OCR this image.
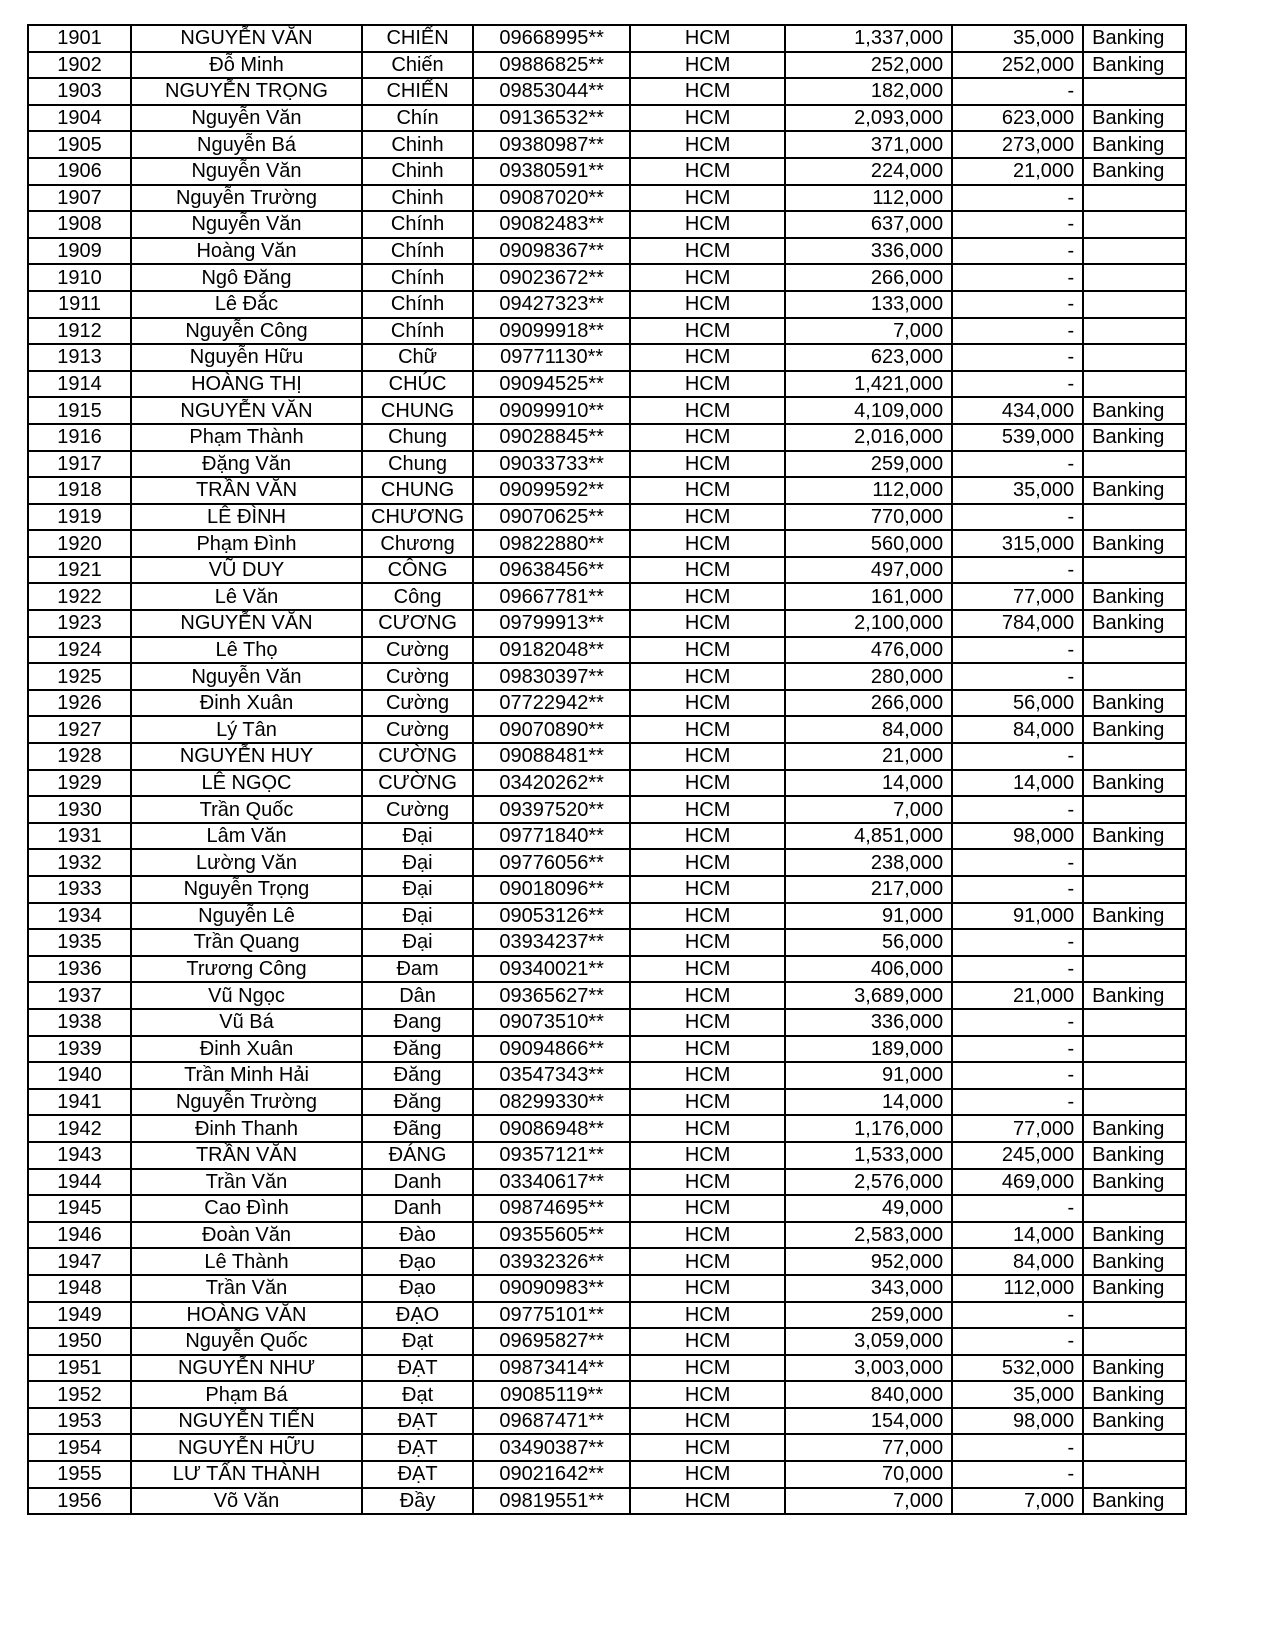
1901	NGUYỄN VĂN	CHIẾN	09668995**	HCM	1,337,000	35,000	Banking
1902	Đỗ Minh	Chiến	09886825**	HCM	252,000	252,000	Banking
1903	NGUYỄN TRỌNG	CHIẾN	09853044**	HCM	182,000	-	
1904	Nguyễn Văn	Chín	09136532**	HCM	2,093,000	623,000	Banking
1905	Nguyễn Bá	Chinh	09380987**	HCM	371,000	273,000	Banking
1906	Nguyễn Văn	Chinh	09380591**	HCM	224,000	21,000	Banking
1907	Nguyễn Trường	Chinh	09087020**	HCM	112,000	-	
1908	Nguyễn Văn	Chính	09082483**	HCM	637,000	-	
1909	Hoàng Văn	Chính	09098367**	HCM	336,000	-	
1910	Ngô Đăng	Chính	09023672**	HCM	266,000	-	
1911	Lê Đắc	Chính	09427323**	HCM	133,000	-	
1912	Nguyễn Công	Chính	09099918**	HCM	7,000	-	
1913	Nguyễn Hữu	Chữ	09771130**	HCM	623,000	-	
1914	HOÀNG THỊ	CHÚC	09094525**	HCM	1,421,000	-	
1915	NGUYỄN VĂN	CHUNG	09099910**	HCM	4,109,000	434,000	Banking
1916	Phạm Thành	Chung	09028845**	HCM	2,016,000	539,000	Banking
1917	Đặng Văn	Chung	09033733**	HCM	259,000	-	
1918	TRẦN VĂN	CHUNG	09099592**	HCM	112,000	35,000	Banking
1919	LÊ ĐÌNH	CHƯƠNG	09070625**	HCM	770,000	-	
1920	Phạm Đình	Chương	09822880**	HCM	560,000	315,000	Banking
1921	VŨ DUY	CÔNG	09638456**	HCM	497,000	-	
1922	Lê Văn	Công	09667781**	HCM	161,000	77,000	Banking
1923	NGUYỄN VĂN	CƯƠNG	09799913**	HCM	2,100,000	784,000	Banking
1924	Lê Thọ	Cường	09182048**	HCM	476,000	-	
1925	Nguyễn Văn	Cường	09830397**	HCM	280,000	-	
1926	Đinh Xuân	Cường	07722942**	HCM	266,000	56,000	Banking
1927	Lý Tân	Cường	09070890**	HCM	84,000	84,000	Banking
1928	NGUYỄN HUY	CƯỜNG	09088481**	HCM	21,000	-	
1929	LÊ NGỌC	CƯỜNG	03420262**	HCM	14,000	14,000	Banking
1930	Trần Quốc	Cường	09397520**	HCM	7,000	-	
1931	Lâm Văn	Đại	09771840**	HCM	4,851,000	98,000	Banking
1932	Lường Văn	Đại	09776056**	HCM	238,000	-	
1933	Nguyễn Trọng	Đại	09018096**	HCM	217,000	-	
1934	Nguyễn Lê	Đại	09053126**	HCM	91,000	91,000	Banking
1935	Trần Quang	Đại	03934237**	HCM	56,000	-	
1936	Trương Công	Đam	09340021**	HCM	406,000	-	
1937	Vũ Ngọc	Dân	09365627**	HCM	3,689,000	21,000	Banking
1938	Vũ Bá	Đang	09073510**	HCM	336,000	-	
1939	Đinh Xuân	Đăng	09094866**	HCM	189,000	-	
1940	Trần Minh Hải	Đăng	03547343**	HCM	91,000	-	
1941	Nguyễn Trường	Đăng	08299330**	HCM	14,000	-	
1942	Đinh Thanh	Đãng	09086948**	HCM	1,176,000	77,000	Banking
1943	TRẦN VĂN	ĐÁNG	09357121**	HCM	1,533,000	245,000	Banking
1944	Trần Văn	Danh	03340617**	HCM	2,576,000	469,000	Banking
1945	Cao Đình	Danh	09874695**	HCM	49,000	-	
1946	Đoàn Văn	Đào	09355605**	HCM	2,583,000	14,000	Banking
1947	Lê Thành	Đạo	03932326**	HCM	952,000	84,000	Banking
1948	Trần Văn	Đạo	09090983**	HCM	343,000	112,000	Banking
1949	HOÀNG VĂN	ĐẠO	09775101**	HCM	259,000	-	
1950	Nguyễn Quốc	Đạt	09695827**	HCM	3,059,000	-	
1951	NGUYỄN NHƯ	ĐẠT	09873414**	HCM	3,003,000	532,000	Banking
1952	Phạm Bá	Đạt	09085119**	HCM	840,000	35,000	Banking
1953	NGUYỄN TIẾN	ĐẠT	09687471**	HCM	154,000	98,000	Banking
1954	NGUYỄN HỮU	ĐẠT	03490387**	HCM	77,000	-	
1955	LƯ TẤN THÀNH	ĐẠT	09021642**	HCM	70,000	-	
1956	Võ Văn	Đầy	09819551**	HCM	7,000	7,000	Banking
